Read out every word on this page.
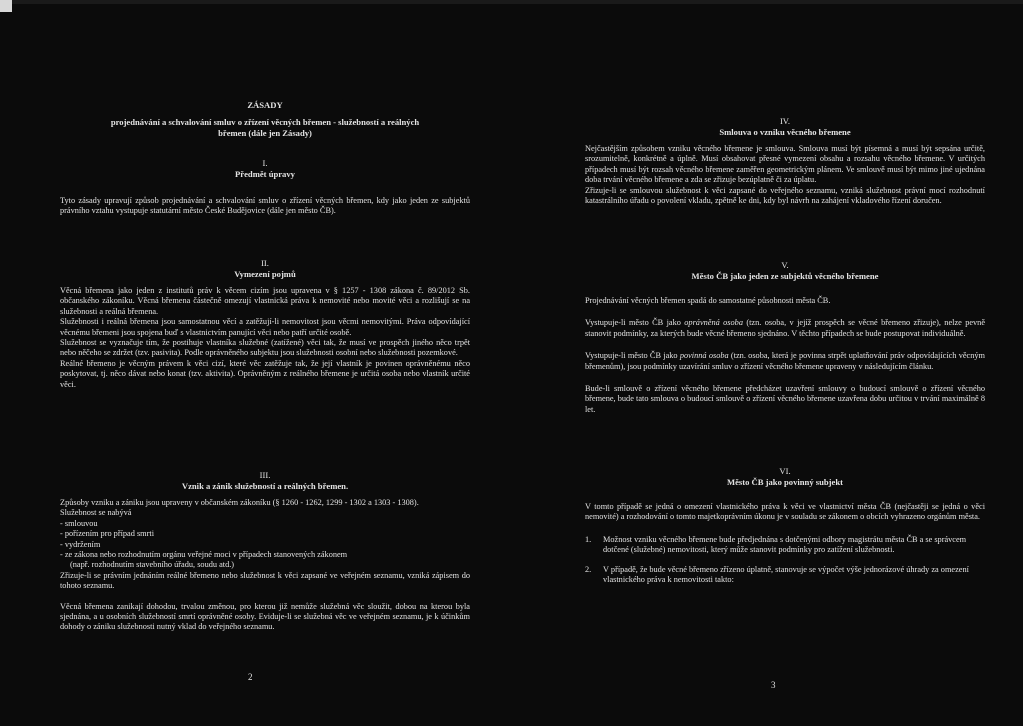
ZÁSADY
projednávání a schvalování smluv o zřízení věcných břemen - služebností a reálných břemen (dále jen Zásady)
I.
Předmět úpravy

Tyto zásady upravují způsob projednávání a schvalování smluv o zřízení věcných břemen, kdy jako jeden ze subjektů právního vztahu vystupuje statutární město České Budějovice (dále jen město ČB).

II.
Vymezení pojmů

Věcná břemena jako jeden z institutů práv k věcem cizím jsou upravena v § 1257 - 1308 zákona č. 89/2012 Sb. občanského zákoníku. Věcná břemena částečně omezují vlastnická práva k nemovité nebo movité věci a rozlišují se na služebnosti a reálná břemena.

Služebnosti i reálná břemena jsou samostatnou věcí a zatěžují-li nemovitost jsou věcmi nemovitými. Práva odpovídající věcnému břemeni jsou spojena buď s vlastnictvím panující věci nebo patří určité osobě.

Služebnost se vyznačuje tím, že postihuje vlastníka služebné (zatížené) věci tak, že musí ve prospěch jiného něco trpět nebo něčeho se zdržet (tzv. pasivita). Podle oprávněného subjektu jsou služebnosti osobní nebo služebnosti pozemkové.

Reálné břemeno je věcným právem k věci cizí, které věc zatěžuje tak, že její vlastník je povinen oprávněnému něco poskytovat, tj. něco dávat nebo konat (tzv. aktivita). Oprávněným z reálného břemene je určitá osoba nebo vlastník určité věci.

III.
Vznik a zánik služebností a reálných břemen.

Způsoby vzniku a zániku jsou upraveny v občanském zákoníku (§ 1260 - 1262, 1299 - 1302 a 1303 - 1308).

Služebnost se nabývá
- smlouvou
- pořízením pro případ smrti
- vydržením
- ze zákona nebo rozhodnutím orgánu veřejné moci v případech stanovených zákonem
(např. rozhodnutím stavebního úřadu, soudu atd.)

Zřizuje-li se právním jednáním reálné břemeno nebo služebnost k věci zapsané ve veřejném seznamu, vzniká zápisem do tohoto seznamu.

Věcná břemena zanikají dohodou, trvalou změnou, pro kterou již nemůže služebná věc sloužit, dobou na kterou byla sjednána, a u osobních služebností smrtí oprávněné osoby. Eviduje-li se služebná věc ve veřejném seznamu, je k účinkům dohody o zániku služebnosti nutný vklad do veřejného seznamu.

2
IV.
Smlouva o vzniku věcného břemene

Nejčastějším způsobem vzniku věcného břemene je smlouva. Smlouva musí být písemná a musí být sepsána určitě, srozumitelně, konkrétně a úplně. Musí obsahovat přesné vymezení obsahu a rozsahu věcného břemene. V určitých případech musí být rozsah věcného břemene zaměřen geometrickým plánem. Ve smlouvě musí být mimo jiné ujednána doba trvání věcného břemene a zda se zřizuje bezúplatně či za úplatu.

Zřizuje-li se smlouvou služebnost k věci zapsané do veřejného seznamu, vzniká služebnost právní mocí rozhodnutí katastrálního úřadu o povolení vkladu, zpětně ke dni, kdy byl návrh na zahájení vkladového řízení doručen.

V.
Město ČB jako jeden ze subjektů věcného břemene

Projednávání věcných břemen spadá do samostatné působnosti města ČB.

Vystupuje-li město ČB jako oprávněná osoba (tzn. osoba, v jejíž prospěch se věcné břemeno zřizuje), nelze pevně stanovit podmínky, za kterých bude věcné břemeno sjednáno. V těchto případech se bude postupovat individuálně.

Vystupuje-li město ČB jako povinná osoba (tzn. osoba, která je povinna strpět uplatňování práv odpovídajících věcným břemenům), jsou podmínky uzavírání smluv o zřízení věcného břemene upraveny v následujícím článku.

Bude-li smlouvě o zřízení věcného břemene předcházet uzavření smlouvy o budoucí smlouvě o zřízení věcného břemene, bude tato smlouva o budoucí smlouvě o zřízení věcného břemene uzavřena dobu určitou v trvání maximálně 8 let.

VI.
Město ČB jako povinný subjekt

V tomto případě se jedná o omezení vlastnického práva k věci ve vlastnictví města ČB (nejčastěji se jedná o věci nemovité) a rozhodování o tomto majetkoprávním úkonu je v souladu se zákonem o obcích vyhrazeno orgánům města.

1. Možnost vzniku věcného břemene bude předjednána s dotčenými odbory magistrátu města ČB a se správcem dotčené (služebné) nemovitosti, který může stanovit podmínky pro zatížení služebnosti.
2. V případě, že bude věcné břemeno zřízeno úplatně, stanovuje se výpočet výše jednorázové úhrady za omezení vlastnického práva k nemovitosti takto:
3
